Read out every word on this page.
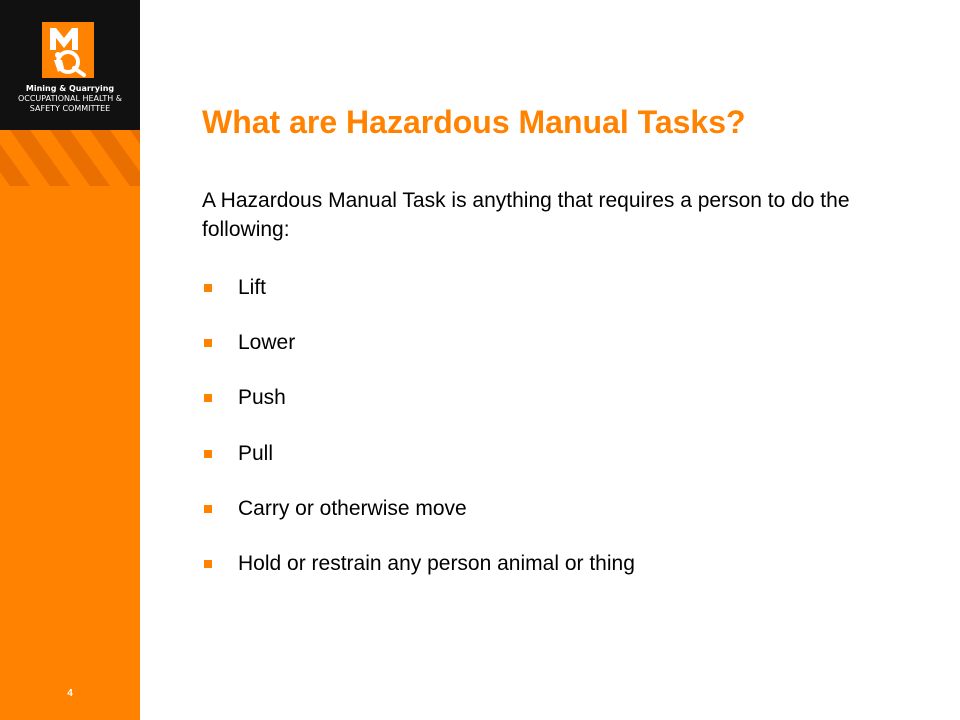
Mining & Quarrying
OCCUPATIONAL HEALTH &
SAFETY COMMITTEE
4
What are Hazardous Manual Tasks?

A Hazardous Manual Task is anything that requires a person to do the following:

Lift
Lower
Push
Pull
Carry or otherwise move
Hold or restrain any person animal or thing
